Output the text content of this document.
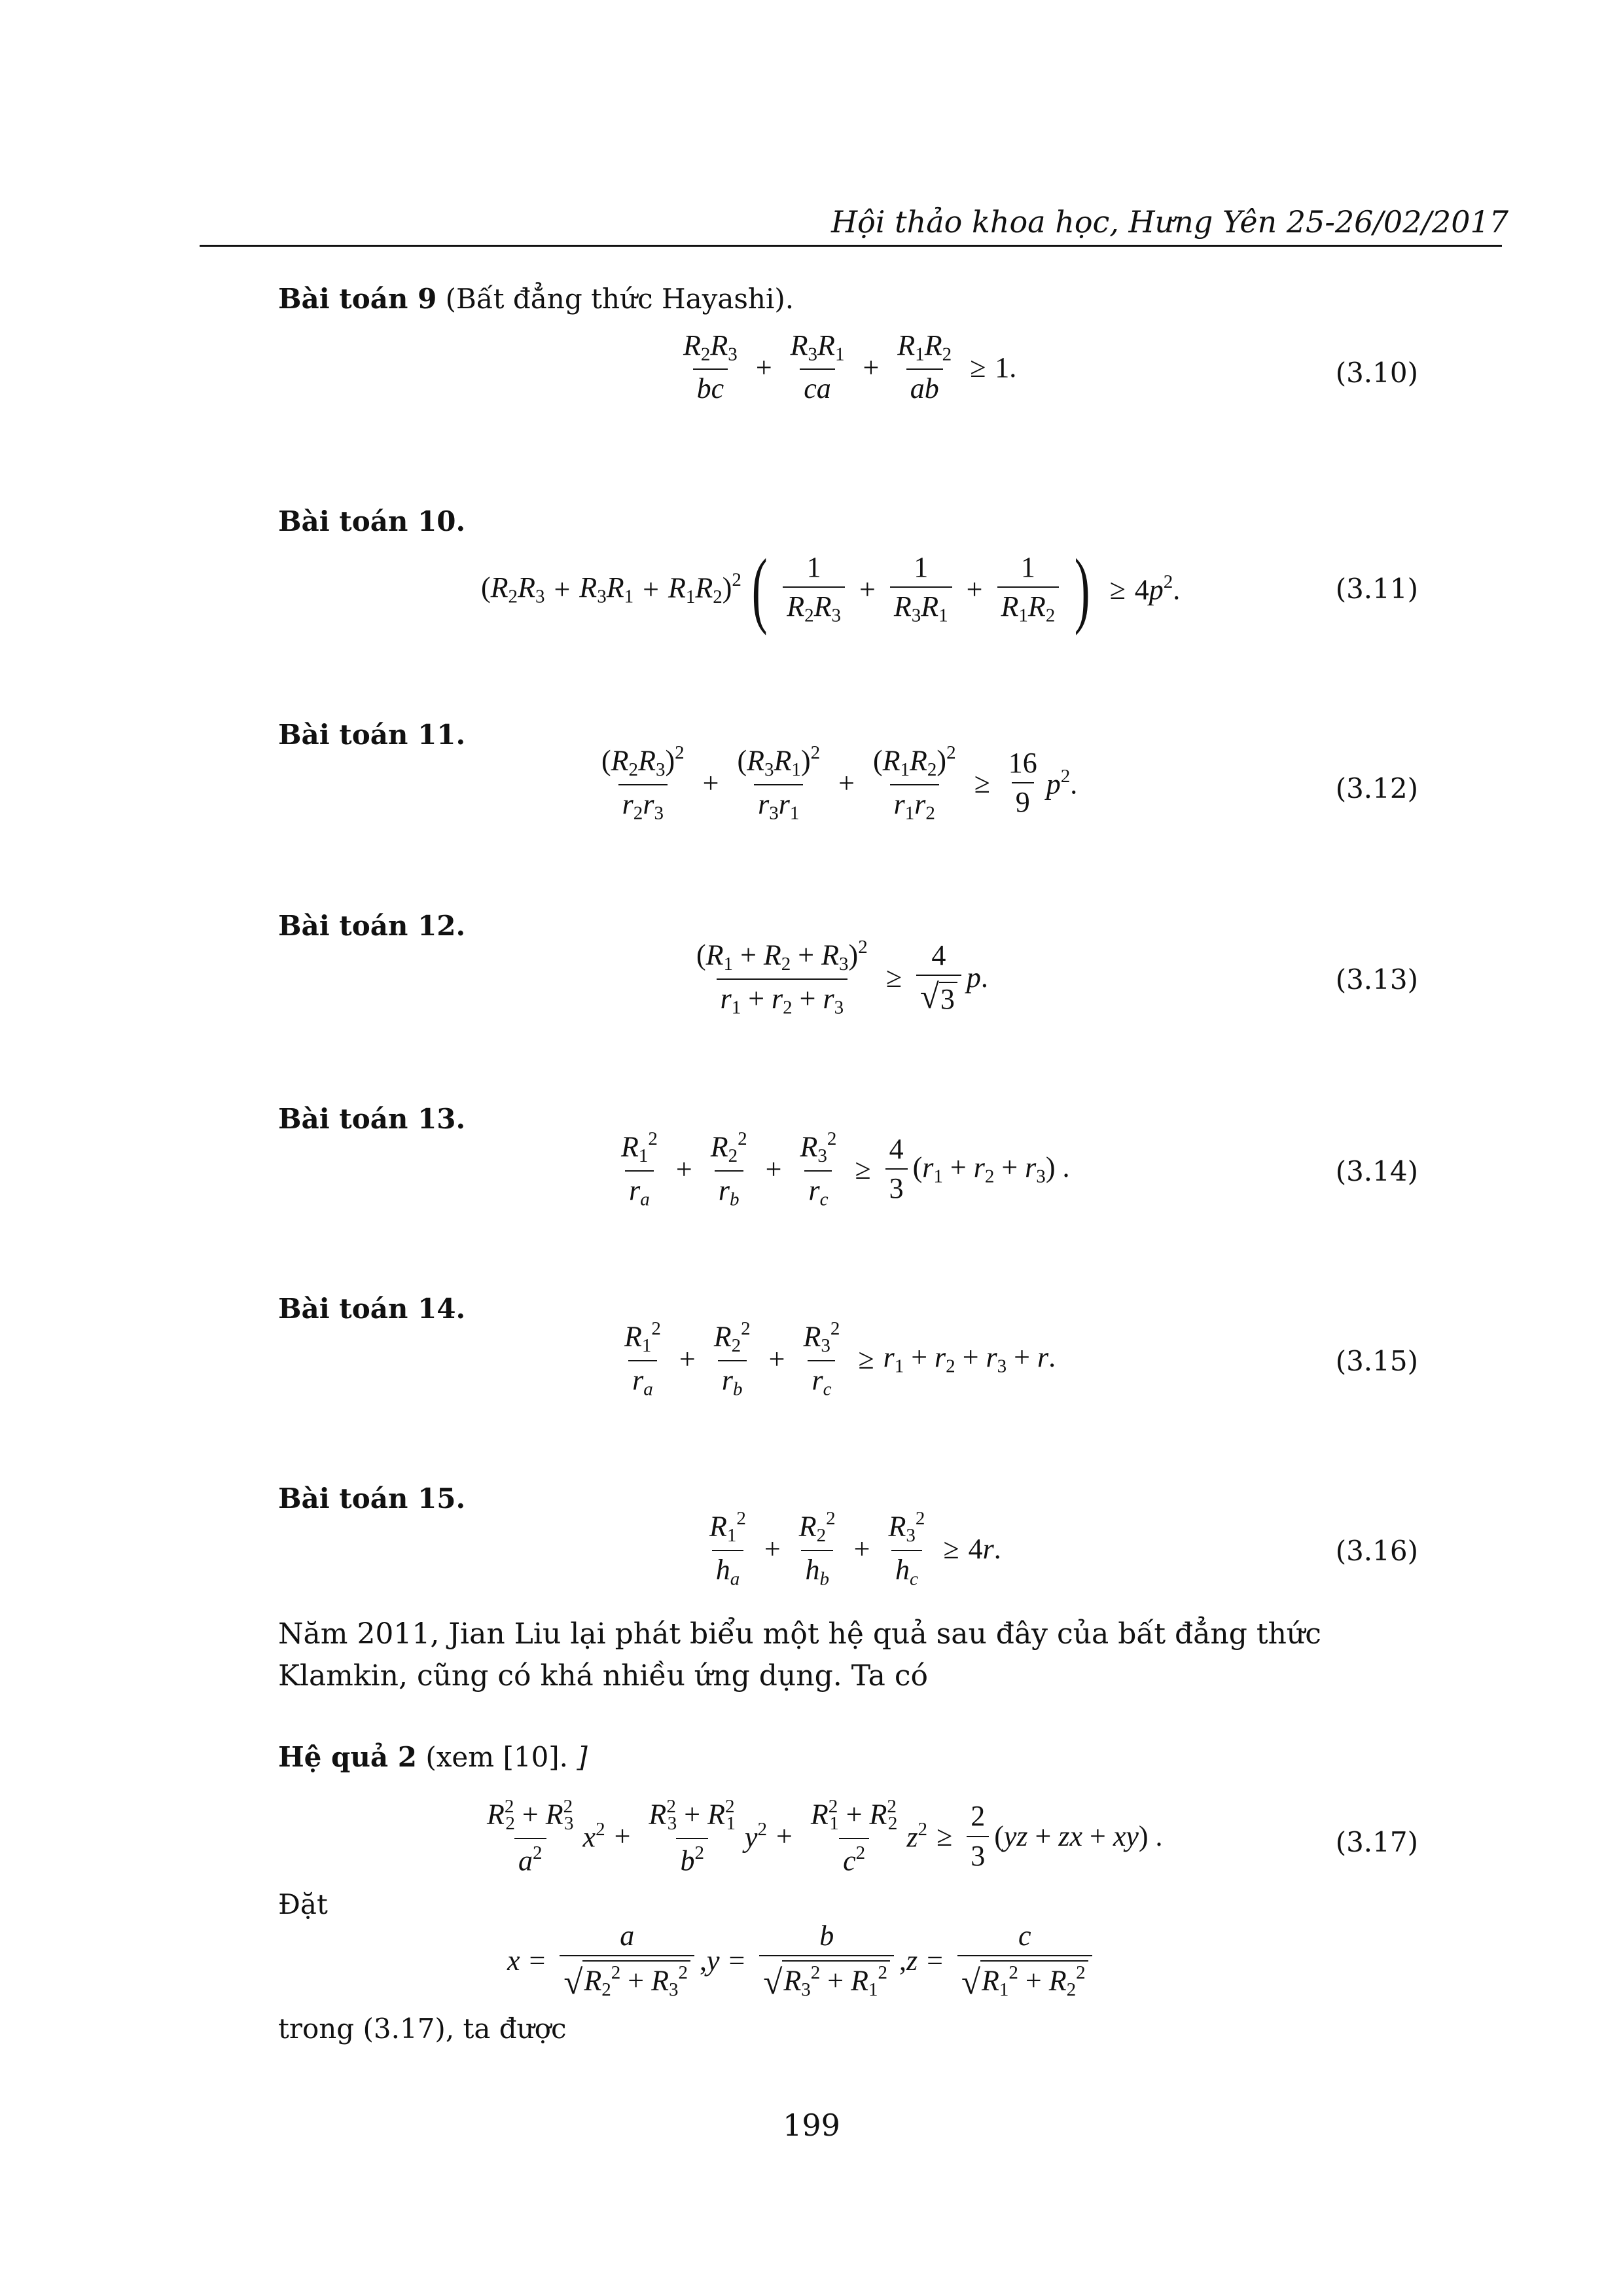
Hội thảo khoa học, Hưng Yên 25-26/02/2017
Bài toán 9 (Bất đẳng thức Hayashi).
$\frac{R_2R_3}{bc} + \frac{R_3R_1}{ca} + \frac{R_1R_2}{ab} \ge 1$.	(3.10)
Bài toán 10.
$(R_2R_3 + R_3R_1 + R_1R_2)^2$ ( $\frac{1}{R_2R_3} + \frac{1}{R_3R_1} + \frac{1}{R_1R_2}$ ) ≥ $4p^2$.	(3.11)
Bài toán 11.
$\frac{(R_2R_3)^2}{r_2r_3} + \frac{(R_3R_1)^2}{r_3r_1} + \frac{(R_1R_2)^2}{r_1r_2} \ge \frac{16}{9} p^2$.	(3.12)
Bài toán 12.
$\frac{(R_1 + R_2 + R_3)^2}{r_1 + r_2 + r_3} \ge \frac{4}{√ 3} p$.	(3.13)
Bài toán 13.
$\frac{R_1^2}{r_a} + \frac{R_2^2}{r_b} + \frac{R_3^2}{r_c} \ge \frac{4}{3} (r_1 + r_2 + r_3)$ .	(3.14)
Bài toán 14.
$\frac{R_1^2}{r_a} + \frac{R_2^2}{r_b} + \frac{R_3^2}{r_c} \ge r_1 + r_2 + r_3 + r$.	(3.15)
Bài toán 15.
$\frac{R_1^2}{h_a} + \frac{R_2^2}{h_b} + \frac{R_3^2}{h_c} \ge 4r$.	(3.16)
Năm 2011, Jian Liu lại phát biểu một hệ quả sau đây của bất đẳng thức Klamkin, cũng có khá nhiều ứng dụng. Ta có
Hệ quả 2 (xem [10]. ]
$\frac{R^2_2 + R^2_3}{a^2} x^2 + \frac{R^2_3 + R^2_1}{b^2} y^2 + \frac{R^2_1 + R^2_2}{c^2} z^2 \ge \frac{2}{3} (yz$ + zx + xy) .	(3.17)
Đặt
$x = \frac{a}{√ R_2^2 + R_3^2}$ , $y = \frac{b}{√ R_3^2 + R_1^2}$ , $z = \frac{c}{√ R_1^2 + R_2^2}$
trong (3.17), ta được
199
